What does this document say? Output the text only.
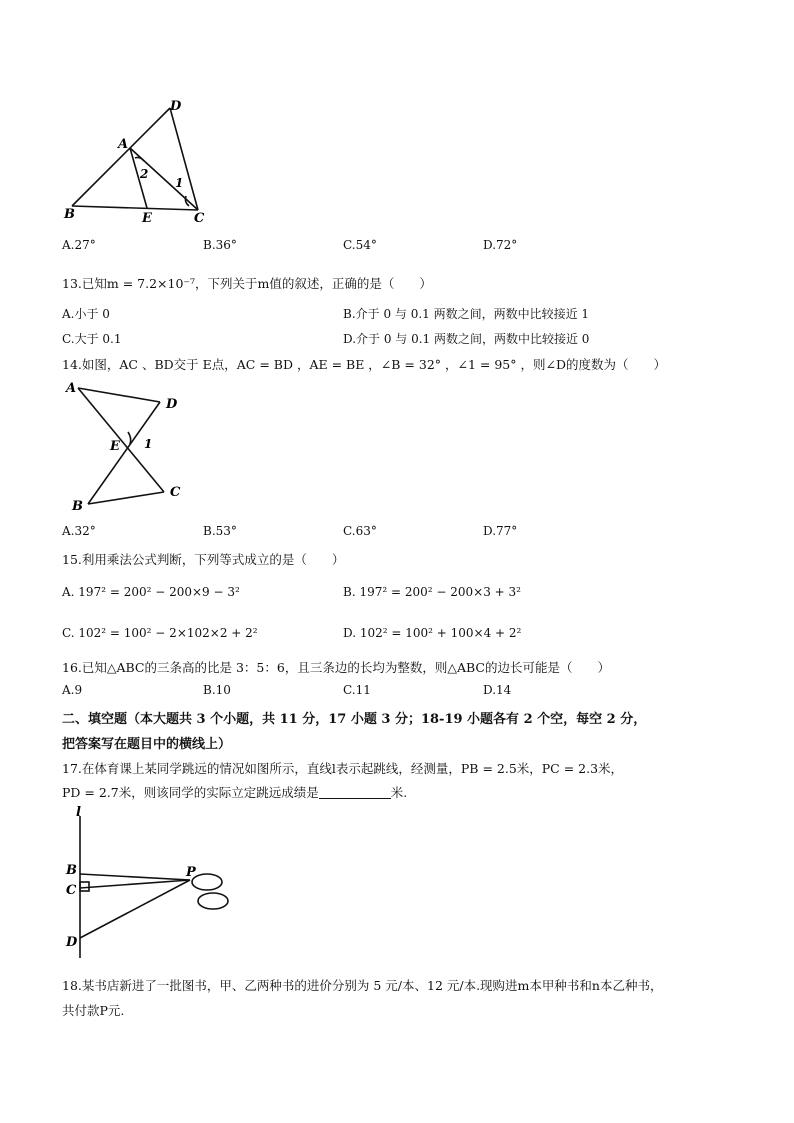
D
A
B	E	C
2
1
A.27°	B.36°	C.54°	D.72°
13.已知m = 7.2×10⁻⁷，下列关于m值的叙述，正确的是（　　）
A.小于 0	B.介于 0 与 0.1 两数之间，两数中比较接近 1
C.大于 0.1	D.介于 0 与 0.1 两数之间，两数中比较接近 0
14.如图，AC 、BD交于 E点，AC = BD ，AE = BE ，∠B = 32° ，∠1 = 95° ，则∠D的度数为（　　）
A
D
E 1
B
C
A.32°	B.53°	C.63°	D.77°
15.利用乘法公式判断，下列等式成立的是（　　）
A. 197² = 200² − 200×9 − 3²	B. 197² = 200² − 200×3 + 3²
C. 102² = 100² − 2×102×2 + 2²	D. 102² = 100² + 100×4 + 2²
16.已知△ABC的三条高的比是 3：5：6，且三条边的长均为整数，则△ABC的边长可能是（　　）
A.9	B.10	C.11	D.14
二、填空题（本大题共 3 个小题，共 11 分，17 小题 3 分；18-19 小题各有 2 个空，每空 2 分，
把答案写在题目中的横线上）
17.在体育课上某同学跳远的情况如图所示，直线l表示起跳线，经测量，PB = 2.5米，PC = 2.3米，
PD = 2.7米，则该同学的实际立定跳远成绩是	米.
l
B
C
D
P
18.某书店新进了一批图书，甲、乙两种书的进价分别为 5 元/本、12 元/本.现购进m本甲种书和n本乙种书，
共付款P元.
